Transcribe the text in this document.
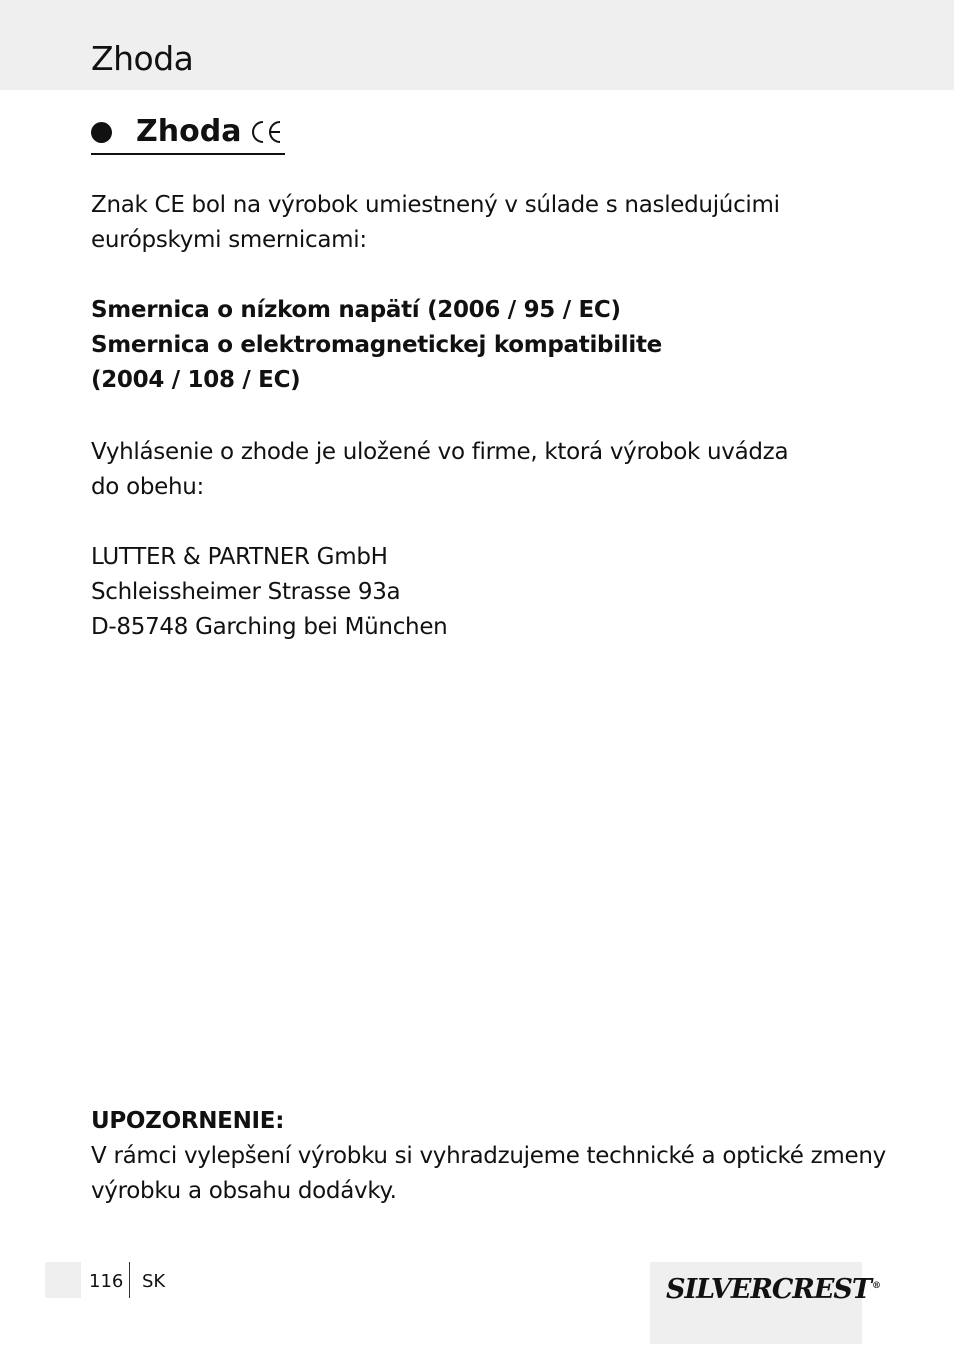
Zhoda
Zhoda

Znak CE bol na výrobok umiestnený v súlade s nasledujúcimi
európskymi smernicami:

Smernica o nízkom napätí (2006 / 95 / EC)
Smernica o elektromagnetickej kompatibilite
(2004 / 108 / EC)

Vyhlásenie o zhode je uložené vo firme, ktorá výrobok uvádza
do obehu:

LUTTER & PARTNER GmbH
Schleissheimer Strasse 93a
D-85748 Garching bei München

UPOZORNENIE:

V rámci vylepšení výrobku si vyhradzujeme technické a optické zmeny
výrobku a obsahu dodávky.

116 SK	SILVERCREST®
